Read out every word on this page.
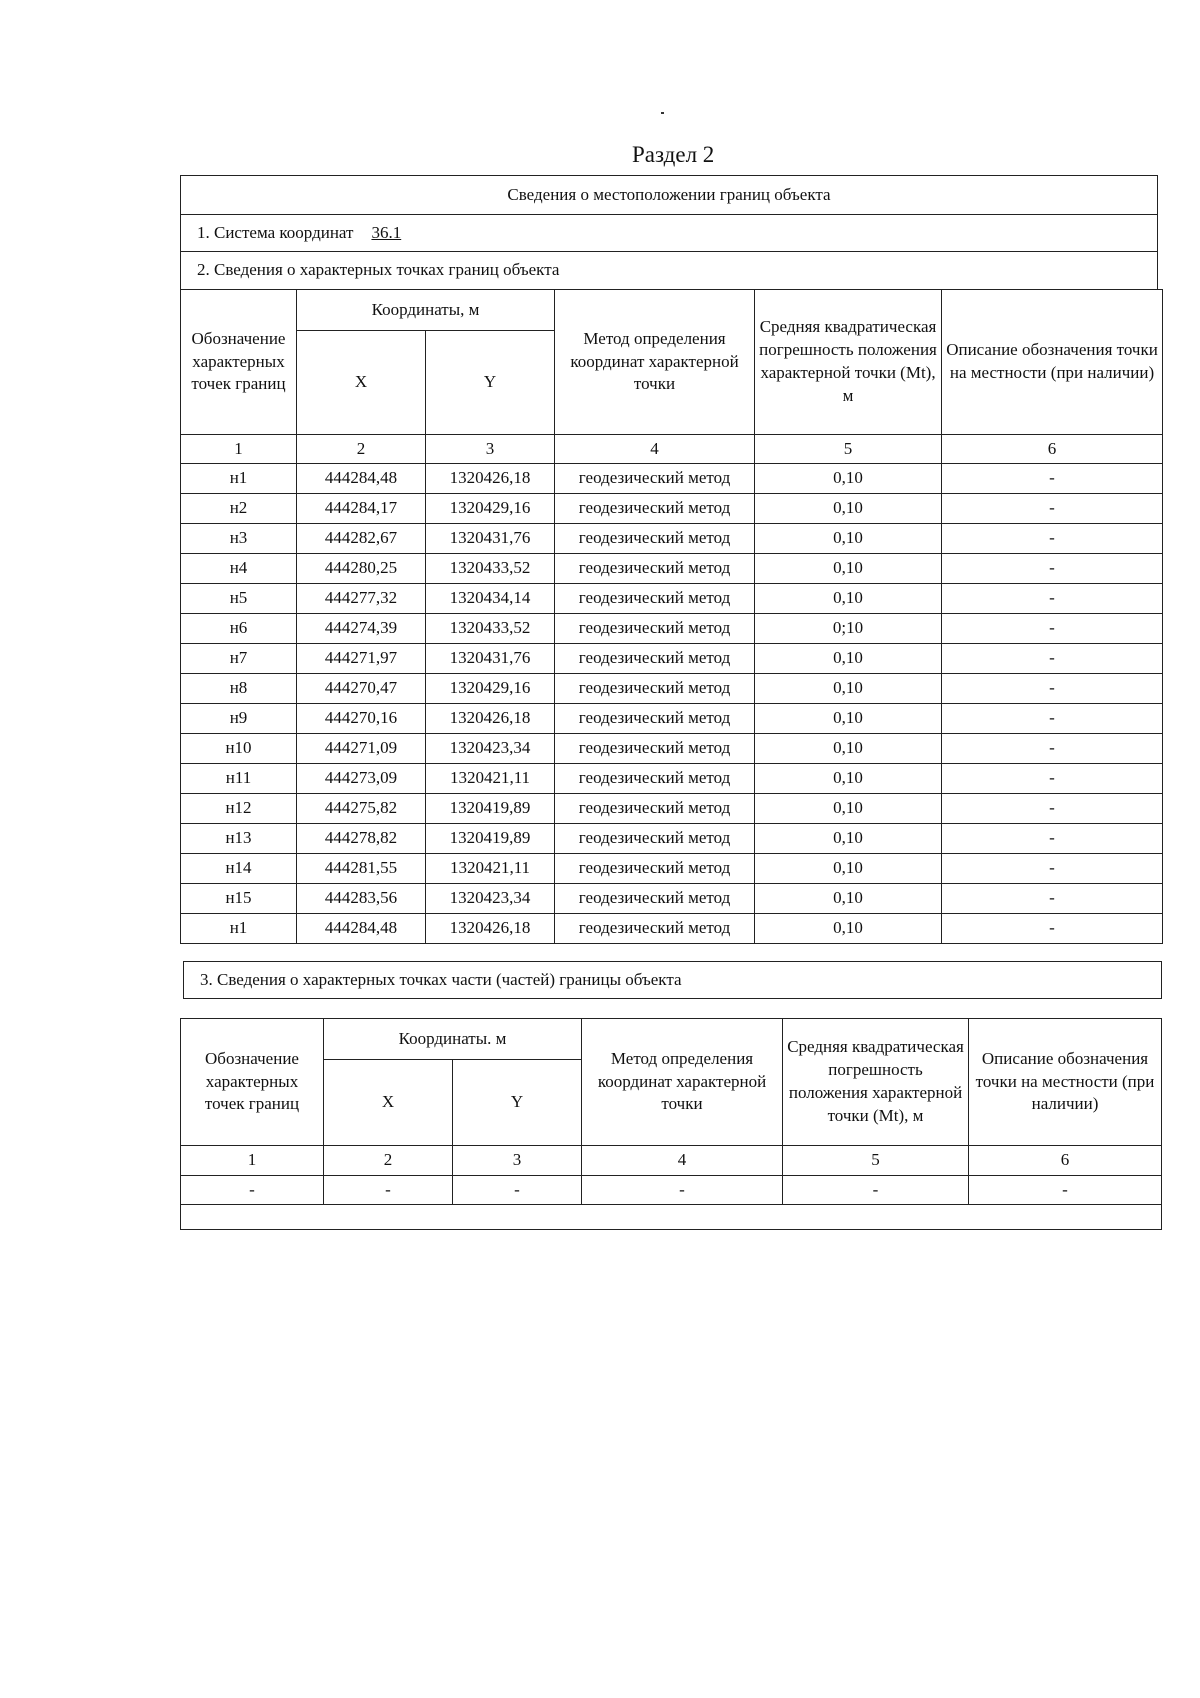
Раздел 2
Сведения о местоположении границ объекта
1. Система координат 36.1
2. Сведения о характерных точках границ объекта
Обозначение характерных точек границ	Координаты, м		Метод определения координат характерной точки	Средняя квадратическая погрешность положения характерной точки (Mt), м	Описание обозначения точки на местности (при наличии)
	X	Y			
1	2	3	4	5	6
н1	444284,48	1320426,18	геодезический метод	0,10	-
н2	444284,17	1320429,16	геодезический метод	0,10	-
н3	444282,67	1320431,76	геодезический метод	0,10	-
н4	444280,25	1320433,52	геодезический метод	0,10	-
н5	444277,32	1320434,14	геодезический метод	0,10	-
н6	444274,39	1320433,52	геодезический метод	0;10	-
н7	444271,97	1320431,76	геодезический метод	0,10	-
н8	444270,47	1320429,16	геодезический метод	0,10	-
н9	444270,16	1320426,18	геодезический метод	0,10	-
н10	444271,09	1320423,34	геодезический метод	0,10	-
н11	444273,09	1320421,11	геодезический метод	0,10	-
н12	444275,82	1320419,89	геодезический метод	0,10	-
н13	444278,82	1320419,89	геодезический метод	0,10	-
н14	444281,55	1320421,11	геодезический метод	0,10	-
н15	444283,56	1320423,34	геодезический метод	0,10	-
н1	444284,48	1320426,18	геодезический метод	0,10	-
3. Сведения о характерных точках части (частей) границы объекта
Обозначение характерных точек границ	Координаты. м		Метод определения координат характерной точки	Средняя квадратическая погрешность положения характерной точки (Mt), м	Описание обозначения точки на местности (при наличии)
	X	Y			
1	2	3	4	5	6
-	-	-	-	-	-
